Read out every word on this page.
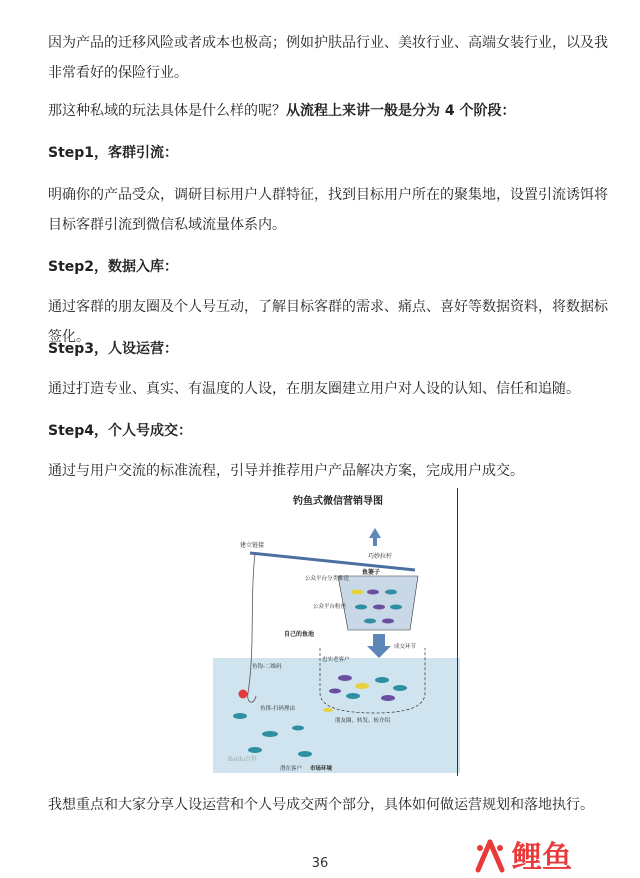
因为产品的迁移风险或者成本也极高；例如护肤品行业、美妆行业、高端女装行业，以及我非常看好的保险行业。

那这种私域的玩法具体是什么样的呢？从流程上来讲一般是分为 4 个阶段：

Step1，客群引流：

明确你的产品受众，调研目标用户人群特征，找到目标用户所在的聚集地，设置引流诱饵将目标客群引流到微信私域流量体系内。

Step2，数据入库：

通过客群的朋友圈及个人号互动，了解目标客群的需求、痛点、喜好等数据资料，将数据标签化。

Step3，人设运营：

通过打造专业、真实、有温度的人设，在朋友圈建立用户对人设的认知、信任和追随。

Step4，个人号成交：

通过与用户交流的标准流程，引导并推荐用户产品解决方案，完成用户成交。

钓鱼式微信营销导图
建立链接
巧妙拉杆
公众平台分类推送
鱼篓子
公众平台粉丝
成交环节
自己的鱼池
忠实老客户
鱼钩-二维码
鱼饵-扫码理由
朋友圈、转发、转介绍
Baidu百科
潜在客户 市场环境

我想重点和大家分享人设运营和个人号成交两个部分，具体如何做运营规划和落地执行。

36	鲤鱼
